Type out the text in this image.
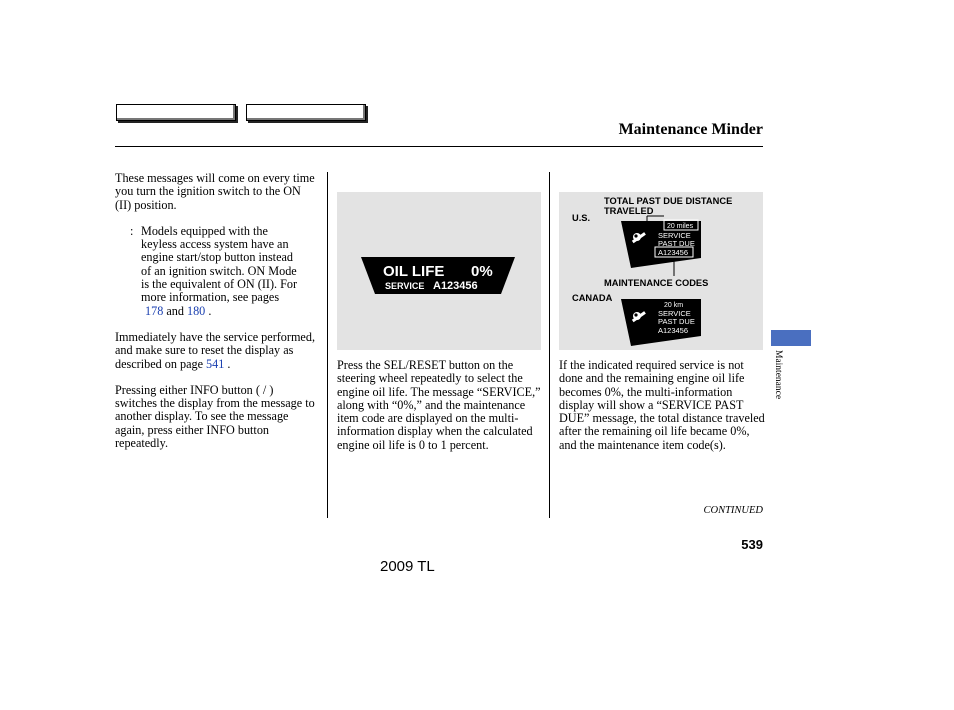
Maintenance Minder

These messages will come on every time you turn the ignition switch to the ON (II) position.

: Models equipped with the
keyless access system have an
engine start/stop button instead
of an ignition switch. ON Mode
is the equivalent of ON (II). For
more information, see pages
178 and 180 .

Immediately have the service performed, and make sure to reset the display as described on page 541 .

Pressing either INFO button ( / ) switches the display from the message to another display. To see the message again, press either INFO button repeatedly.

OIL LIFE 0%
SERVICE A123456
Press the SEL/RESET button on the steering wheel repeatedly to select the engine oil life. The message “SERVICE,” along with “0%,” and the maintenance item code are displayed on the multi-information display when the calculated engine oil life is 0 to 1 percent.
TOTAL PAST DUE DISTANCE
TRAVELED
U.S.
MAINTENANCE CODES
CANADA
20 miles
SERVICE
PAST DUE
A123456
20 km
SERVICE
PAST DUE
A123456
If the indicated required service is not done and the remaining engine oil life becomes 0%, the multi-information display will show a “SERVICE PAST DUE” message, the total distance traveled after the remaining oil life became 0%, and the maintenance item code(s).
Maintenance
CONTINUED
539
2009 TL
